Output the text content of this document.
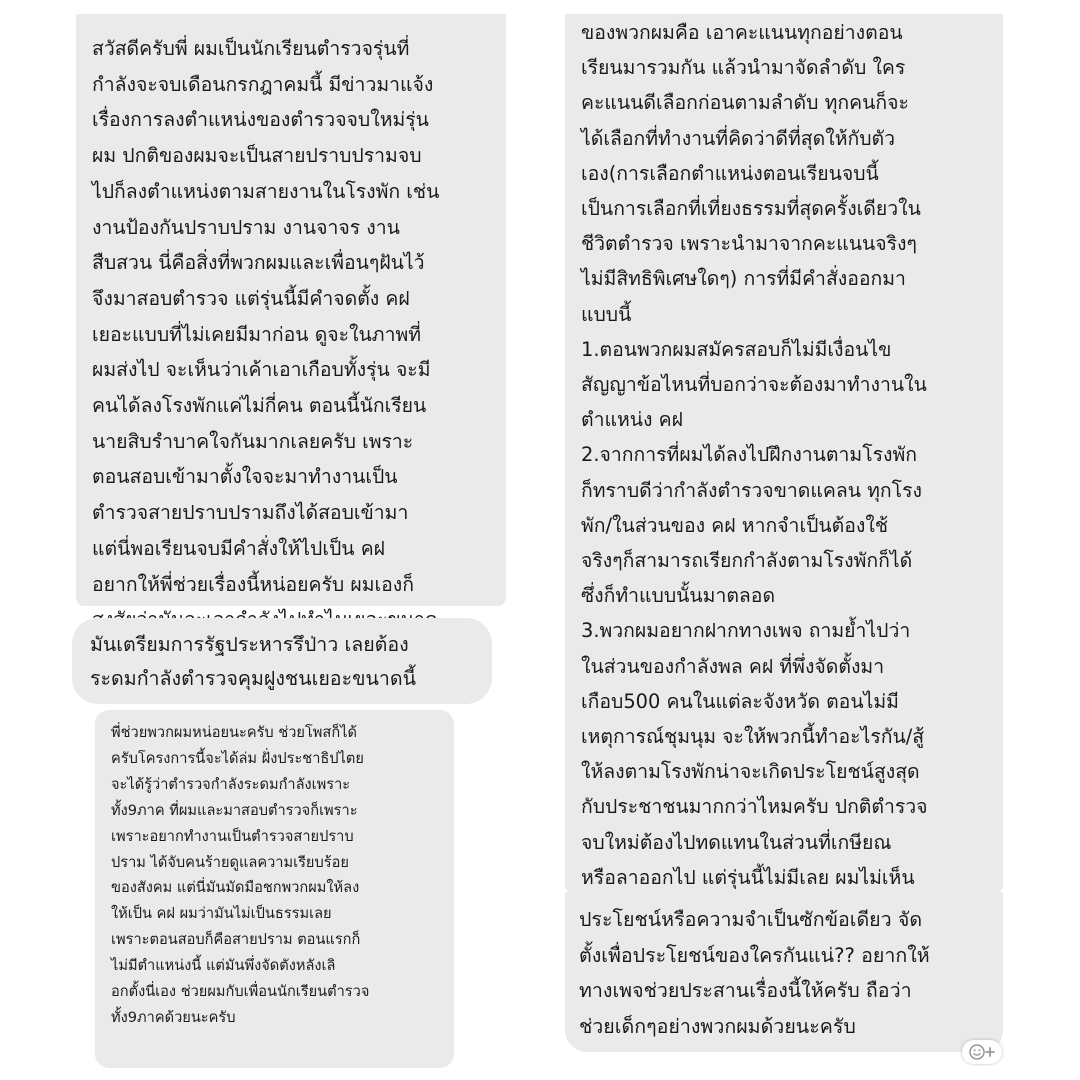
สวัสดีครับพี่ ผมเป็นนักเรียนตำรวจรุ่นที่
กำลังจะจบเดือนกรกฎาคมนี้ มีข่าวมาแจ้ง
เรื่องการลงตำแหน่งของตำรวจจบใหม่รุ่น
ผม ปกติของผมจะเป็นสายปราบปรามจบ
ไปก็ลงตำแหน่งตามสายงานในโรงพัก เช่น
งานป้องกันปราบปราม งานจาจร งาน
สืบสวน นี่คือสิ่งที่พวกผมและเพื่อนๆฝันไว้
จึงมาสอบตำรวจ แต่รุ่นนี้มีคำจดตั้ง คฝ
เยอะแบบที่ไม่เคยมีมาก่อน ดูจะในภาพที่
ผมส่งไป จะเห็นว่าเค้าเอาเกือบทั้งรุ่น จะมี
คนได้ลงโรงพักแค่ไม่กี่คน ตอนนี้นักเรียน
นายสิบรำบาคใจกันมากเลยครับ เพราะ
ตอนสอบเข้ามาตั้งใจจะมาทำงานเป็น
ตำรวจสายปราบปรามถึงได้สอบเข้ามา
แต่นี่พอเรียนจบมีคำสั่งให้ไปเป็น คฝ
อยากให้พี่ช่วยเรื่องนี้หน่อยครับ ผมเองก็

มันเตรียมการรัฐประหารรึป่าว เลยต้อง
ระดมกำลังตำรวจคุมฝูงชนเยอะขนาดนี้

พี่ช่วยพวกผมหน่อยนะครับ ช่วยโพสก็ได้
ครับโครงการนี้จะได้ล่ม ฝั่งประชาธิปไตย
จะได้รู้ว่าตำรวจกำลังระดมกำลังเพราะ
ทั้ง9ภาค ที่ผมและมาสอบตำรวจก็เพราะ
เพราะอยากทำงานเป็นตำรวจสายปราบ
ปราม ได้จับคนร้ายดูแลความเรียบร้อย
ของสังคม แต่นี่มันมัดมือชกพวกผมให้ลง
ให้เป็น คฝ ผมว่ามันไม่เป็นธรรมเลย
เพราะตอนสอบก็คือสายปราม ตอนแรกก็
ไม่มีตำแหน่งนี้ แต่มันพึ่งจัดตังหลังเลิ
อกตั้งนี่เอง ช่วยผมกับเพื่อนนักเรียนตำรวจ
ทั้ง9ภาคด้วยนะครับ

ของพวกผมคือ เอาคะแนนทุกอย่างตอน
เรียนมารวมกัน แล้วนำมาจัดลำดับ ใคร
คะแนนดีเลือกก่อนตามลำดับ ทุกคนก็จะ
ได้เลือกที่ทำงานที่คิดว่าดีที่สุดให้กับตัว
เอง(การเลือกตำแหน่งตอนเรียนจบนี้
เป็นการเลือกที่เที่ยงธรรมที่สุดครั้งเดียวใน
ชีวิตตำรวจ เพราะนำมาจากคะแนนจริงๆ
ไม่มีสิทธิพิเศษใดๆ) การที่มีคำสั่งออกมา
แบบนี้
1.ตอนพวกผมสมัครสอบก็ไม่มีเงื่อนไข
สัญญาข้อไหนที่บอกว่าจะต้องมาทำงานใน
ตำแหน่ง คฝ
2.จากการที่ผมได้ลงไปฝึกงานตามโรงพัก
ก็ทราบดีว่ากำลังตำรวจขาดแคลน ทุกโรง
พัก/ในส่วนของ คฝ หากจำเป็นต้องใช้
จริงๆก็สามารถเรียกกำลังตามโรงพักก็ได้
ซึ่งก็ทำแบบนั้นมาตลอด
3.พวกผมอยากฝากทางเพจ ถามย้ำไปว่า
ในส่วนของกำลังพล คฝ ที่พึ่งจัดตั้งมา
เกือบ500 คนในแต่ละจังหวัด ตอนไม่มี
เหตุการณ์ชุมนุม จะให้พวกนี้ทำอะไรกัน/สู้
ให้ลงตามโรงพักน่าจะเกิดประโยชน์สูงสุด
กับประชาชนมากกว่าไหมครับ ปกติตำรวจ
จบใหม่ต้องไปทดแทนในส่วนที่เกษียณ
หรือลาออกไป แต่รุ่นนี้ไม่มีเลย ผมไม่เห็น

ประโยชน์หรือความจำเป็นซักข้อเดียว จัด
ตั้งเพื่อประโยชน์ของใครกันแน่?? อยากให้
ทางเพจช่วยประสานเรื่องนี้ให้ครับ ถือว่า
ช่วยเด็กๆอย่างพวกผมด้วยนะครับ
